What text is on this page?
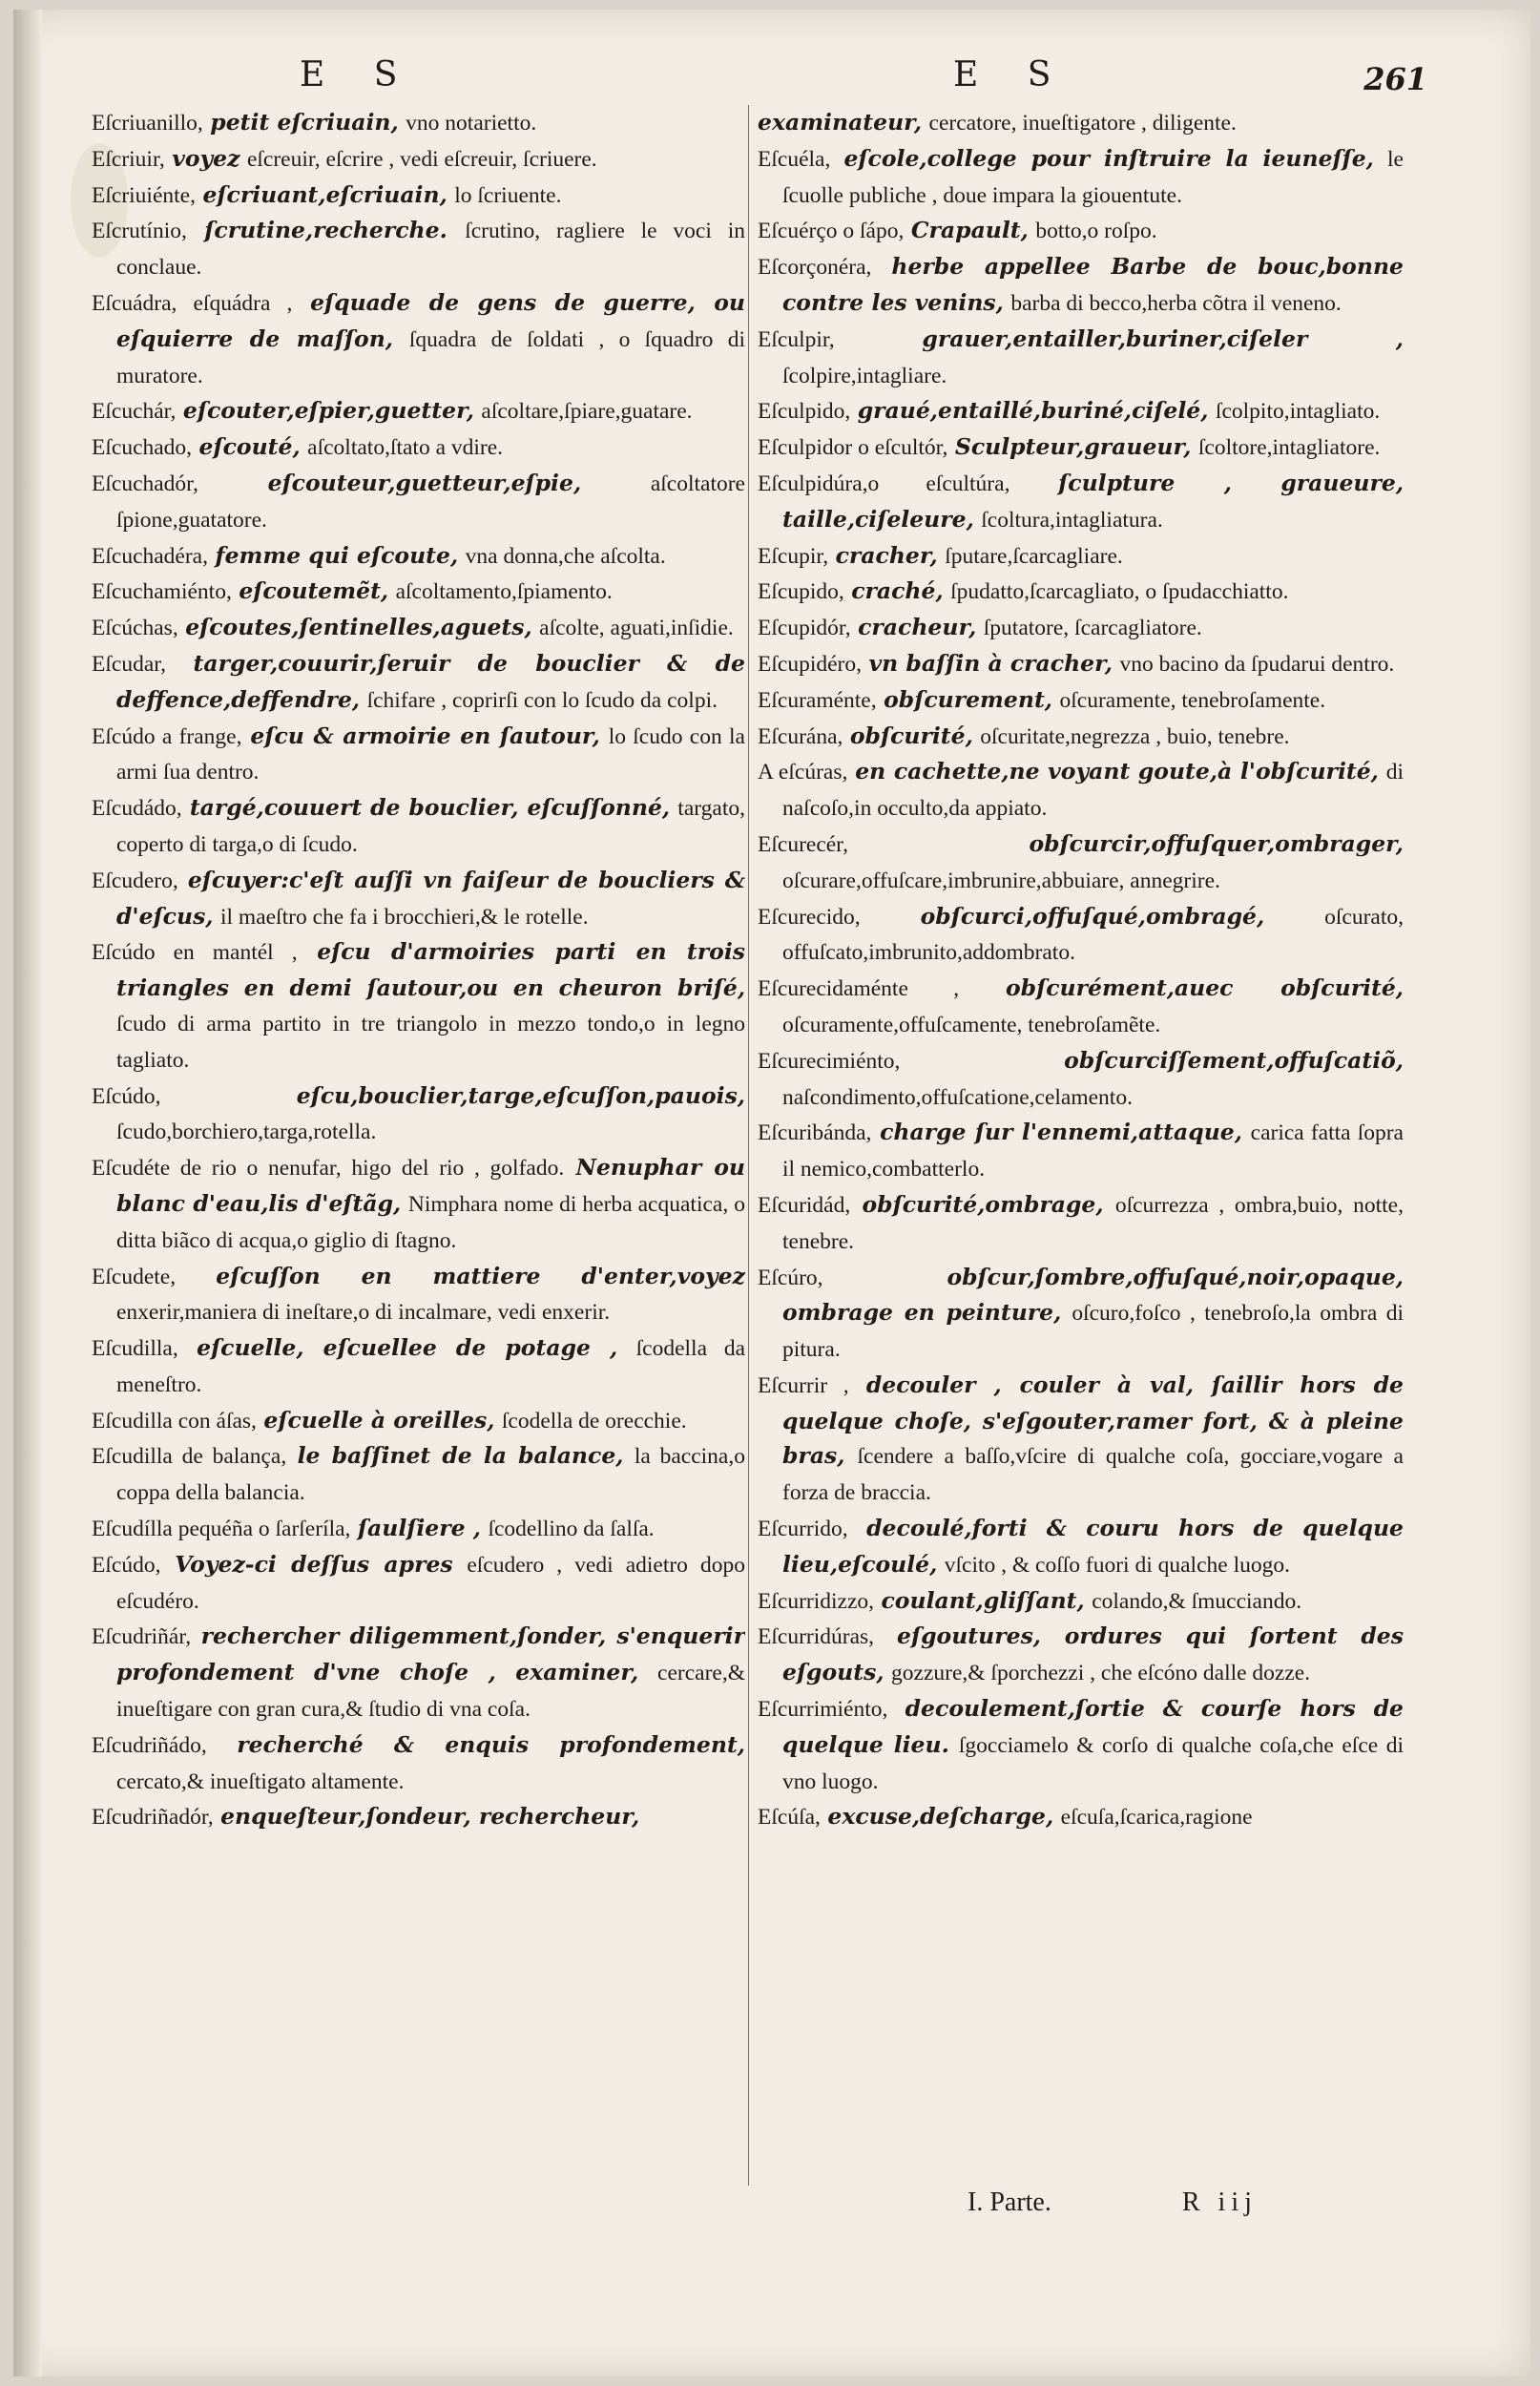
E S	E S	261

Eſcriuanillo, petit eſcriuain, vno notarietto.

Eſcriuir, voyez eſcreuir, eſcrire , vedi eſcreuir, ſcriuere.

Eſcriuiénte, eſcriuant,eſcriuain, lo ſcriuente.

Eſcrutínio, ſcrutine,recherche. ſcrutino, ragliere le voci in conclaue.

Eſcuádra, eſquádra , eſquade de gens de guerre, ou eſquierre de maſſon, ſquadra de ſoldati , o ſquadro di muratore.

Eſcuchár, eſcouter,eſpier,guetter, aſcoltare,ſpiare,guatare.

Eſcuchado, eſcouté, aſcoltato,ſtato a vdire.

Eſcuchadór,	eſcouteur,guetteur,eſpie,	aſcoltatore ſpione,guatatore.

Eſcuchadéra, femme qui eſcoute, vna donna,che aſcolta.

Eſcuchamiénto, eſcoutemẽt, aſcoltamento,ſpiamento.

Eſcúchas, eſcoutes,ſentinelles,aguets, aſcolte, aguati,inſidie.

Eſcudar, targer,couurir,ſeruir de bouclier & de deffence,deffendre, ſchifare , coprirſi con lo ſcudo da colpi.

Eſcúdo a frange, eſcu & armoirie en ſautour, lo ſcudo con la armi ſua dentro.

Eſcudádo, targé,couuert de bouclier, eſcuſſonné, targato, coperto di targa,o di ſcudo.

Eſcudero, eſcuyer:c'eſt auſſi vn faiſeur de boucliers & d'eſcus, il maeſtro che fa i brocchieri,& le rotelle.

Eſcúdo en mantél , eſcu d'armoiries parti en trois triangles en demi ſautour,ou en cheuron briſé, ſcudo di arma partito in tre triangolo in mezzo tondo,o in legno tagliato.

Eſcúdo,	eſcu,bouclier,targe,eſcuſſon,pauois, ſcudo,borchiero,targa,rotella.

Eſcudéte de rio o nenufar, higo del rio , golfado. Nenuphar ou blanc d'eau,lis d'eſtãg, Nimphara nome di herba acquatica, o ditta biãco di acqua,o giglio di ſtagno.

Eſcudete, eſcuſſon en mattiere d'enter,voyez enxerir,maniera di ineſtare,o di incalmare, vedi enxerir.

Eſcudilla, eſcuelle, eſcuellee de potage , ſcodella da meneſtro.

Eſcudilla con áſas, eſcuelle à oreilles, ſcodella de orecchie.

Eſcudilla de balança, le baſſinet de la balance, la baccina,o coppa della balancia.

Eſcudílla pequéña o ſarſeríla, ſaulſiere , ſcodellino da ſalſa.

Eſcúdo, Voyez-ci deſſus apres eſcudero , vedi adietro dopo eſcudéro.

Eſcudriñár, rechercher diligemment,ſonder, s'enquerir profondement d'vne choſe , examiner, cercare,& inueſtigare con gran cura,& ſtudio di vna coſa.

Eſcudriñádo, recherché & enquis profondement, cercato,& inueſtigato altamente.

Eſcudriñadór, enqueſteur,ſondeur, rechercheur,

examinateur, cercatore, inueſtigatore , diligente.

Eſcuéla, eſcole,college pour inſtruire la ieuneſſe, le ſcuolle publiche , doue impara la giouentute.

Eſcuérço o ſápo, Crapault, botto,o roſpo.

Eſcorçonéra, herbe appellee Barbe de bouc,bonne contre les venins, barba di becco,herba cõtra il veneno.

Eſculpir,	grauer,entailler,buriner,ciſeler , ſcolpire,intagliare.

Eſculpido, graué,entaillé,buriné,ciſelé, ſcolpito,intagliato.

Eſculpidor o eſcultór, Sculpteur,graueur, ſcoltore,intagliatore.

Eſculpidúra,o eſcultúra, ſculpture , graueure, taille,ciſeleure, ſcoltura,intagliatura.

Eſcupir, cracher, ſputare,ſcarcagliare.

Eſcupido, craché, ſpudatto,ſcarcagliato, o ſpudacchiatto.

Eſcupidór, cracheur, ſputatore, ſcarcagliatore.

Eſcupidéro, vn baſſin à cracher, vno bacino da ſpudarui dentro.

Eſcuraménte, obſcurement, oſcuramente, tenebroſamente.

Eſcurána, obſcurité, oſcuritate,negrezza , buio, tenebre.

A eſcúras, en cachette,ne voyant goute,à l'obſcurité, di naſcoſo,in occulto,da appiato.

Eſcurecér,	obſcurcir,offuſquer,ombrager, oſcurare,offuſcare,imbrunire,abbuiare, annegrire.

Eſcurecido,	obſcurci,offuſqué,ombragé,	oſcurato, offuſcato,imbrunito,addombrato.

Eſcurecidaménte , obſcurément,auec obſcurité, oſcuramente,offuſcamente, tenebroſamẽte.

Eſcurecimiénto,	obſcurciſſement,offuſcatiõ, naſcondimento,offuſcatione,celamento.

Eſcuribánda, charge ſur l'ennemi,attaque, carica fatta ſopra il nemico,combatterlo.

Eſcuridád, obſcurité,ombrage, oſcurrezza , ombra,buio, notte, tenebre.

Eſcúro,	obſcur,ſombre,offuſqué,noir,opaque, ombrage en peinture, oſcuro,foſco , tenebroſo,la ombra di pitura.

Eſcurrir , decouler , couler à val, ſaillir hors de quelque choſe, s'eſgouter,ramer fort, & à pleine bras, ſcendere a baſſo,vſcire di qualche coſa, gocciare,vogare a forza de braccia.

Eſcurrido, decoulé,forti & couru hors de quelque lieu,eſcoulé, vſcito , & coſſo fuori di qualche luogo.

Eſcurridizzo, coulant,gliſſant, colando,& ſmucciando.

Eſcurridúras, eſgoutures, ordures qui ſortent des eſgouts, gozzure,& ſporchezzi , che eſcóno dalle dozze.

Eſcurrimiénto, decoulement,ſortie & courſe hors de quelque lieu. ſgocciamelo & corſo di qualche coſa,che eſce di vno luogo.

Eſcúſa, excuse,deſcharge, eſcuſa,ſcarica,ragione

I. Parte.	R iij
